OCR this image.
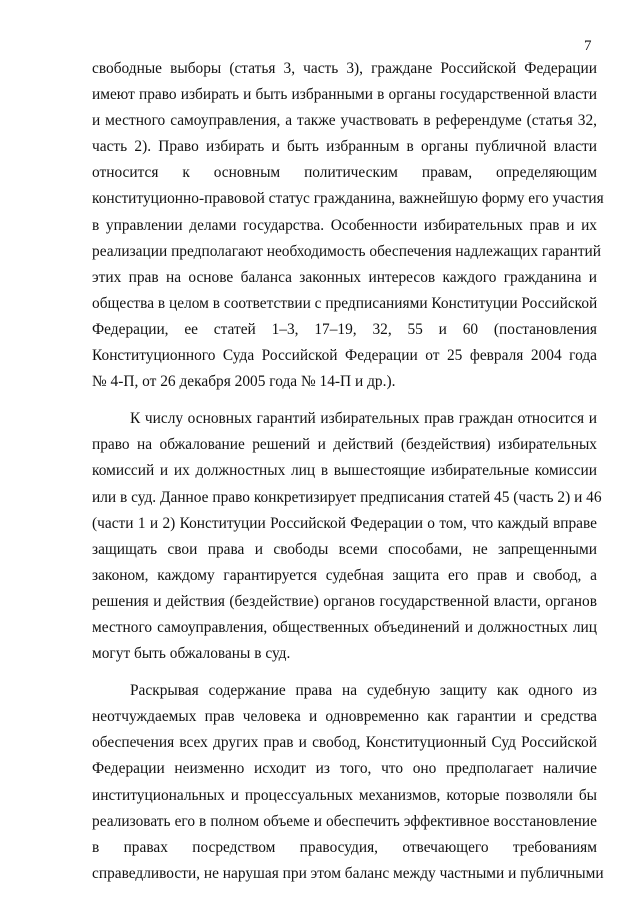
7
свободные выборы (статья 3, часть 3), граждане Российской Федерации
имеют право избирать и быть избранными в органы государственной власти
и местного самоуправления, а также участвовать в референдуме (статья 32,
часть 2). Право избирать и быть избранным в органы публичной власти
относится к основным политическим правам, определяющим
конституционно-правовой статус гражданина, важнейшую форму его участия
в управлении делами государства. Особенности избирательных прав и их
реализации предполагают необходимость обеспечения надлежащих гарантий
этих прав на основе баланса законных интересов каждого гражданина и
общества в целом в соответствии с предписаниями Конституции Российской
Федерации, ее статей 1–3, 17–19, 32, 55 и 60 (постановления
Конституционного Суда Российской Федерации от 25 февраля 2004 года
№ 4-П, от 26 декабря 2005 года № 14-П и др.).
К числу основных гарантий избирательных прав граждан относится и
право на обжалование решений и действий (бездействия) избирательных
комиссий и их должностных лиц в вышестоящие избирательные комиссии
или в суд. Данное право конкретизирует предписания статей 45 (часть 2) и 46
(части 1 и 2) Конституции Российской Федерации о том, что каждый вправе
защищать свои права и свободы всеми способами, не запрещенными
законом, каждому гарантируется судебная защита его прав и свобод, а
решения и действия (бездействие) органов государственной власти, органов
местного самоуправления, общественных объединений и должностных лиц
могут быть обжалованы в суд.
Раскрывая содержание права на судебную защиту как одного из
неотчуждаемых прав человека и одновременно как гарантии и средства
обеспечения всех других прав и свобод, Конституционный Суд Российской
Федерации неизменно исходит из того, что оно предполагает наличие
институциональных и процессуальных механизмов, которые позволяли бы
реализовать его в полном объеме и обеспечить эффективное восстановление
в правах посредством правосудия, отвечающего требованиям
справедливости, не нарушая при этом баланс между частными и публичными
